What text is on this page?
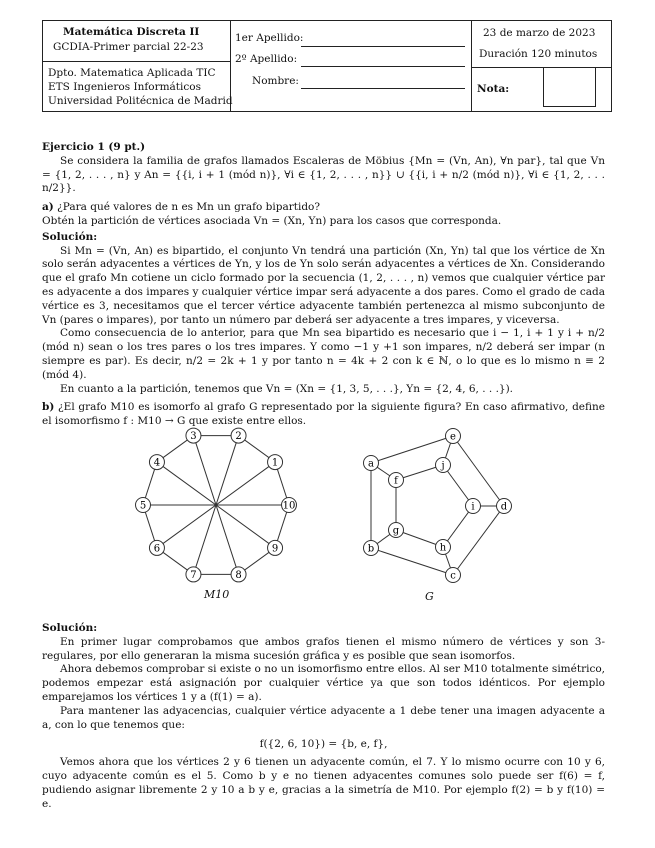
Matemática Discreta II
GCDIA-Primer parcial 22-23
Dpto. Matematica Aplicada TIC
ETS Ingenieros Informáticos
Universidad Politécnica de Madrid
1er Apellido:
2º Apellido:
Nombre:
23 de marzo de 2023
Duración 120 minutos
Nota:

Ejercicio 1 (9 pt.)

Se considera la familia de grafos llamados Escaleras de Möbius {Mn = (Vn, An), ∀n par}, tal que Vn = {1, 2, . . . , n} y An = {{i, i + 1 (mód n)}, ∀i ∈ {1, 2, . . . , n}} ∪ {{i, i + n/2 (mód n)}, ∀i ∈ {1, 2, . . . n/2}}.

a) ¿Para qué valores de n es Mn un grafo bipartido?

Obtén la partición de vértices asociada Vn = (Xn, Yn) para los casos que corresponda.

Solución:

Si Mn = (Vn, An) es bipartido, el conjunto Vn tendrá una partición (Xn, Yn) tal que los vértice de Xn solo serán adyacentes a vértices de Yn, y los de Yn solo serán adyacentes a vértices de Xn. Considerando que el grafo Mn cotiene un ciclo formado por la secuencia (1, 2, . . . , n) vemos que cualquier vértice par es adyacente a dos impares y cualquier vértice impar será adyacente a dos pares. Como el grado de cada vértice es 3, necesitamos que el tercer vértice adyacente también pertenezca al mismo subconjunto de Vn (pares o impares), por tanto un número par deberá ser adyacente a tres impares, y viceversa.

Como consecuencia de lo anterior, para que Mn sea bipartido es necesario que i − 1, i + 1 y i + n/2 (mód n) sean o los tres pares o los tres impares. Y como −1 y +1 son impares, n/2 deberá ser impar (n siempre es par). Es decir, n/2 = 2k + 1 y por tanto n = 4k + 2 con k ∈ ℕ, o lo que es lo mismo n ≡ 2 (mód 4).

En cuanto a la partición, tenemos que Vn = (Xn = {1, 3, 5, . . .}, Yn = {2, 4, 6, . . .}).

b) ¿El grafo M10 es isomorfo al grafo G representado por la siguiente figura? En caso afirmativo, define el isomorfismo f : M10 → G que existe entre ellos.

1
2
3
4
5
6
7	8
9
10
a
b
c
d
e
f
g
h
i
j
M10	G

Solución:

En primer lugar comprobamos que ambos grafos tienen el mismo número de vértices y son 3-regulares, por ello generaran la misma sucesión gráfica y es posible que sean isomorfos.

Ahora debemos comprobar si existe o no un isomorfismo entre ellos. Al ser M10 totalmente simétrico, podemos empezar está asignación por cualquier vértice ya que son todos idénticos. Por ejemplo emparejamos los vértices 1 y a (f(1) = a).

Para mantener las adyacencias, cualquier vértice adyacente a 1 debe tener una imagen adyacente a a, con lo que tenemos que:

f({2, 6, 10}) = {b, e, f},

Vemos ahora que los vértices 2 y 6 tienen un adyacente común, el 7. Y lo mismo ocurre con 10 y 6, cuyo adyacente común es el 5. Como b y e no tienen adyacentes comunes solo puede ser f(6) = f, pudiendo asignar libremente 2 y 10 a b y e, gracias a la simetría de M10. Por ejemplo f(2) = b y f(10) = e.
